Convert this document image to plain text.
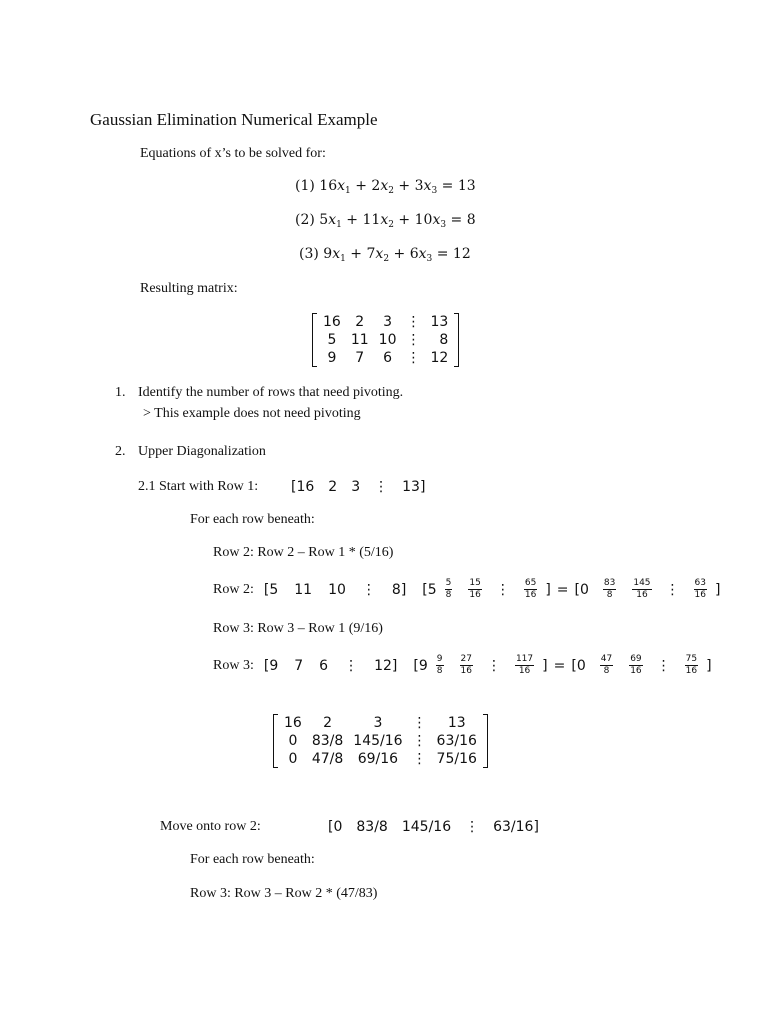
Gaussian Elimination Numerical Example
Equations of x’s to be solved for:
(1) $16x_1 + 2x_2 + 3x_3 = 13$
(2) $5x_1 + 11x_2 + 10x_3 = 8$
(3) $9x_1 + 7x_2 + 6x_3 = 12$
Resulting matrix:
16	2	3	⋮	13
5	11	10	⋮	8
9	7	6	⋮	12
1. Identify the number of rows that need pivoting.
> This example does not need pivoting
2. Upper Diagonalization
2.1 Start with Row 1: [ 16 2 3 ⋮ 13 ]
For each row beneath:
Row 2: Row 2 – Row 1 * (5/16)
Row 2: [ 5 11 10 ⋮ 8 ] [ $5 \frac{5}{8} \frac{15}{16}$ ⋮ $\frac{65}{16}$ ] = [ $0 \frac{83}{8} \frac{145}{16}$ ⋮ $\frac{63}{16}$ ]
Row 3: Row 3 – Row 1 (9/16)
Row 3: [ 9 7 6 ⋮ 12 ] [ $9 \frac{9}{8} \frac{27}{16}$ ⋮ $\frac{117}{16}$ ] = [ $0 \frac{47}{8} \frac{69}{16}$ ⋮ $\frac{75}{16}$ ]
16	2	3	⋮	13
0	83/8	145/16	⋮	63/16
0	47/8	69/16	⋮	75/16
Move onto row 2:	[ 0 83/8 145/16 ⋮ 63/16 ]
For each row beneath:
Row 3: Row 3 – Row 2 * (47/83)
